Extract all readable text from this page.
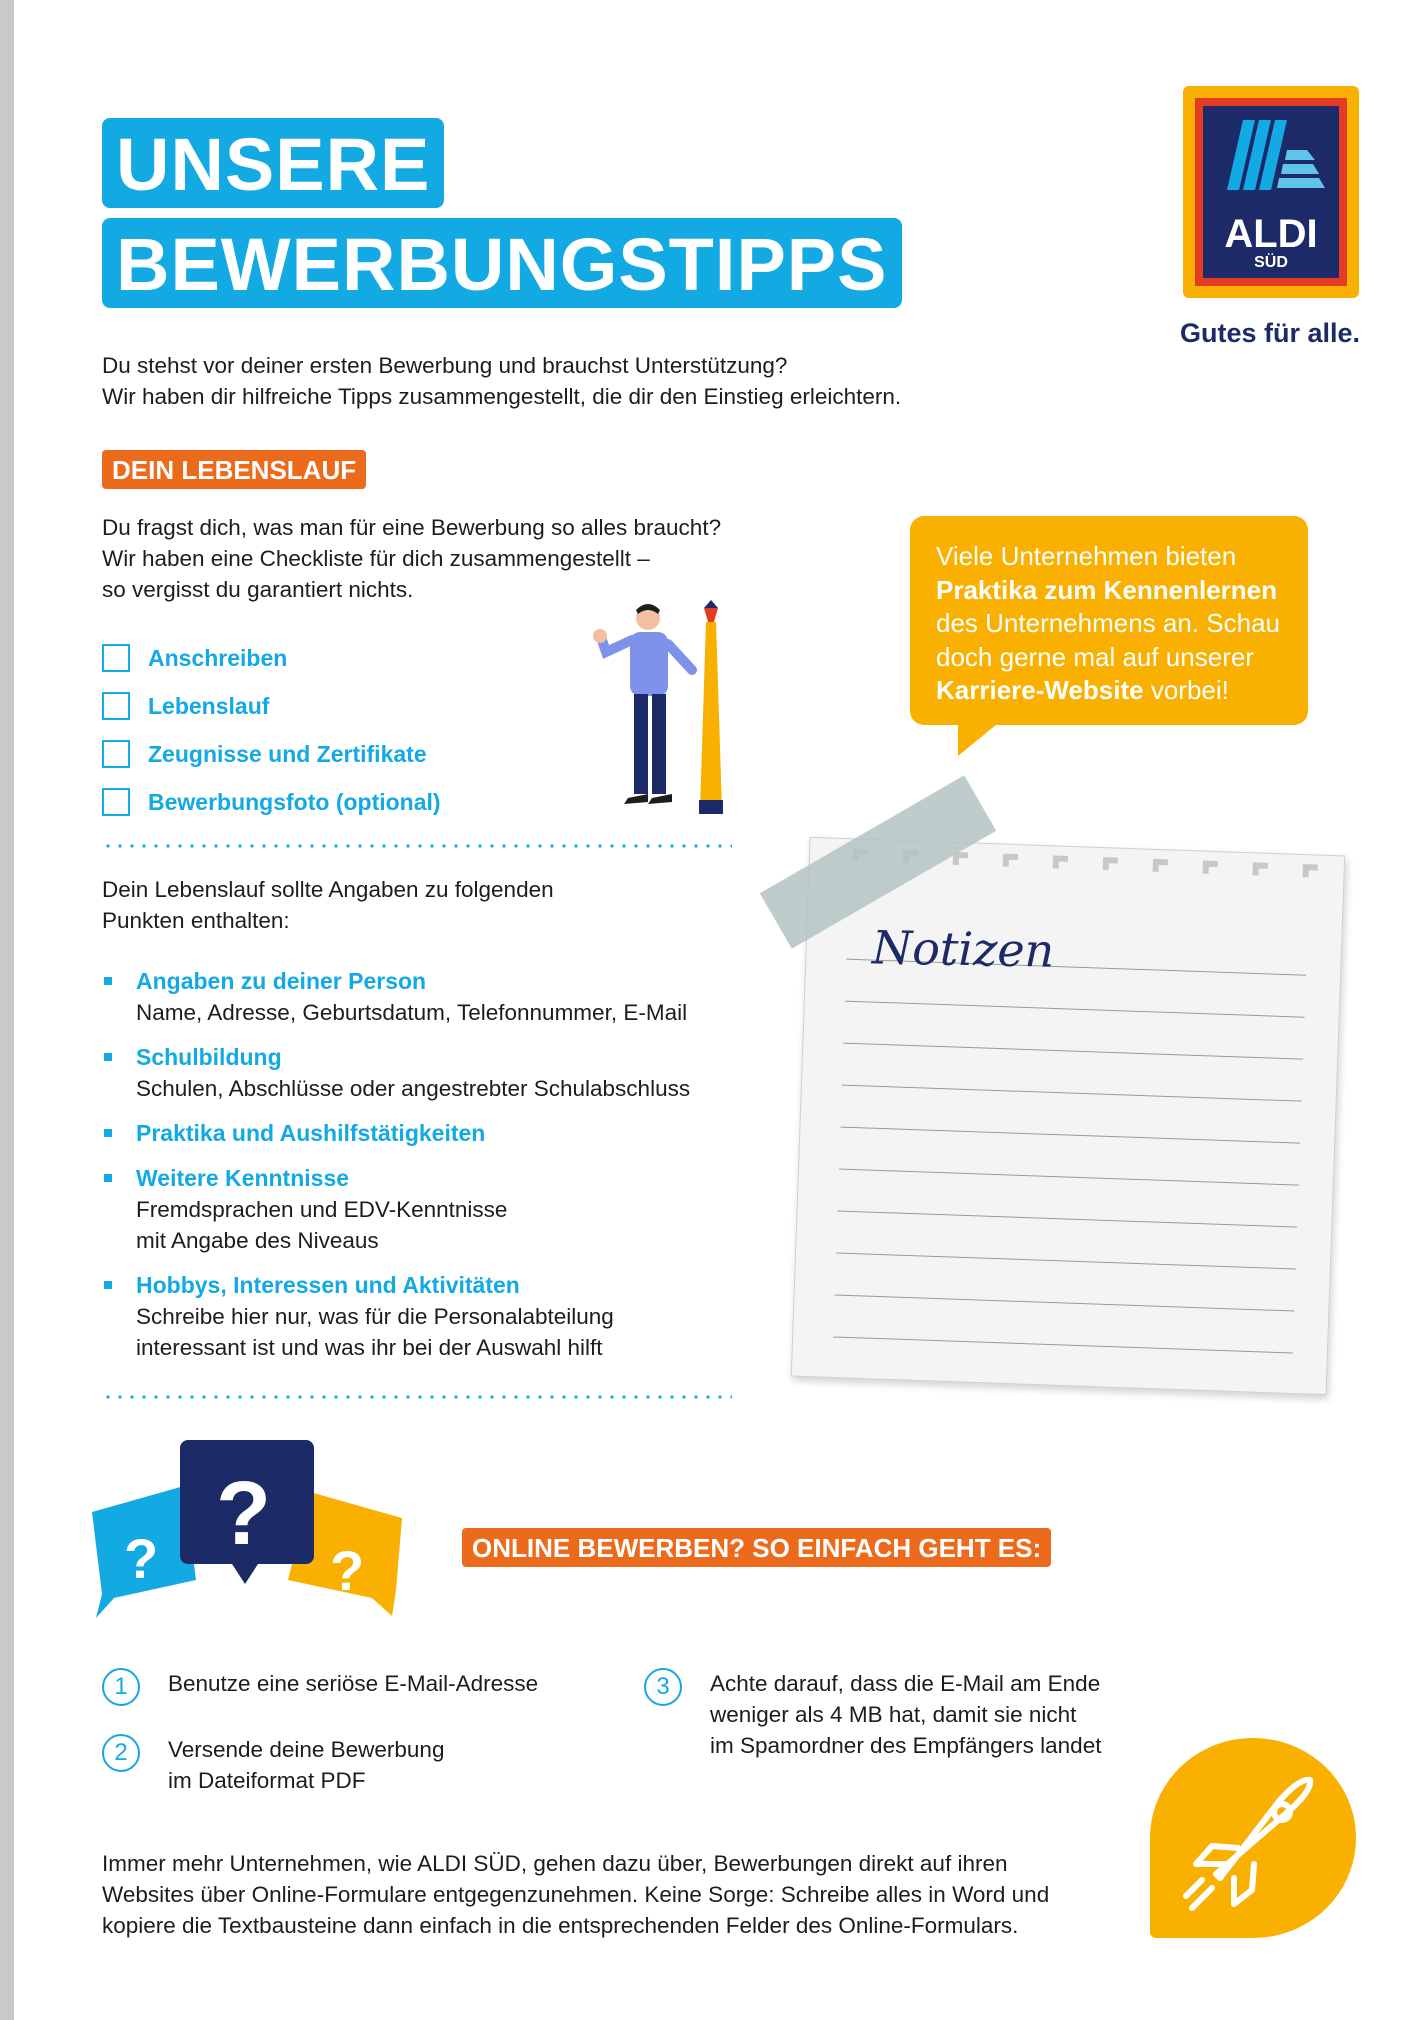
UNSERE
BEWERBUNGSTIPPS	ALDI
SÜD
Gutes für alle.
Du stehst vor deiner ersten Bewerbung und brauchst Unterstützung?
Wir haben dir hilfreiche Tipps zusammengestellt, die dir den Einstieg erleichtern.
DEIN LEBENSLAUF
Du fragst dich, was man für eine Bewerbung so alles braucht?
Wir haben eine Checkliste für dich zusammengestellt –
so vergisst du garantiert nichts.
Anschreiben
Lebenslauf
Zeugnisse und Zertifikate
Bewerbungsfoto (optional)
Dein Lebenslauf sollte Angaben zu folgenden
Punkten enthalten:
Angaben zu deiner Person
Name, Adresse, Geburtsdatum, Telefonnummer, E-Mail
Schulbildung
Schulen, Abschlüsse oder angestrebter Schulabschluss
Praktika und Aushilfstätigkeiten
Weitere Kenntnisse
Fremdsprachen und EDV-Kenntnisse
mit Angabe des Niveaus
Hobbys, Interessen und Aktivitäten
Schreibe hier nur, was für die Personalabteilung
interessant ist und was ihr bei der Auswahl hilft
Viele Unternehmen bieten
Praktika zum Kennenlernen
des Unternehmens an. Schau
doch gerne mal auf unserer
Karriere-Website vorbei!
Notizen
?	?
?	ONLINE BEWERBEN? SO EINFACH GEHT ES:
1	Benutze eine seriöse E-Mail-Adresse
2	Versende deine Bewerbung
im Dateiformat PDF
3	Achte darauf, dass die E-Mail am Ende
weniger als 4 MB hat, damit sie nicht
im Spamordner des Empfängers landet
Immer mehr Unternehmen, wie ALDI SÜD, gehen dazu über, Bewerbungen direkt auf ihren
Websites über Online-Formulare entgegenzunehmen. Keine Sorge: Schreibe alles in Word und
kopiere die Textbausteine dann einfach in die entsprechenden Felder des Online-Formulars.
